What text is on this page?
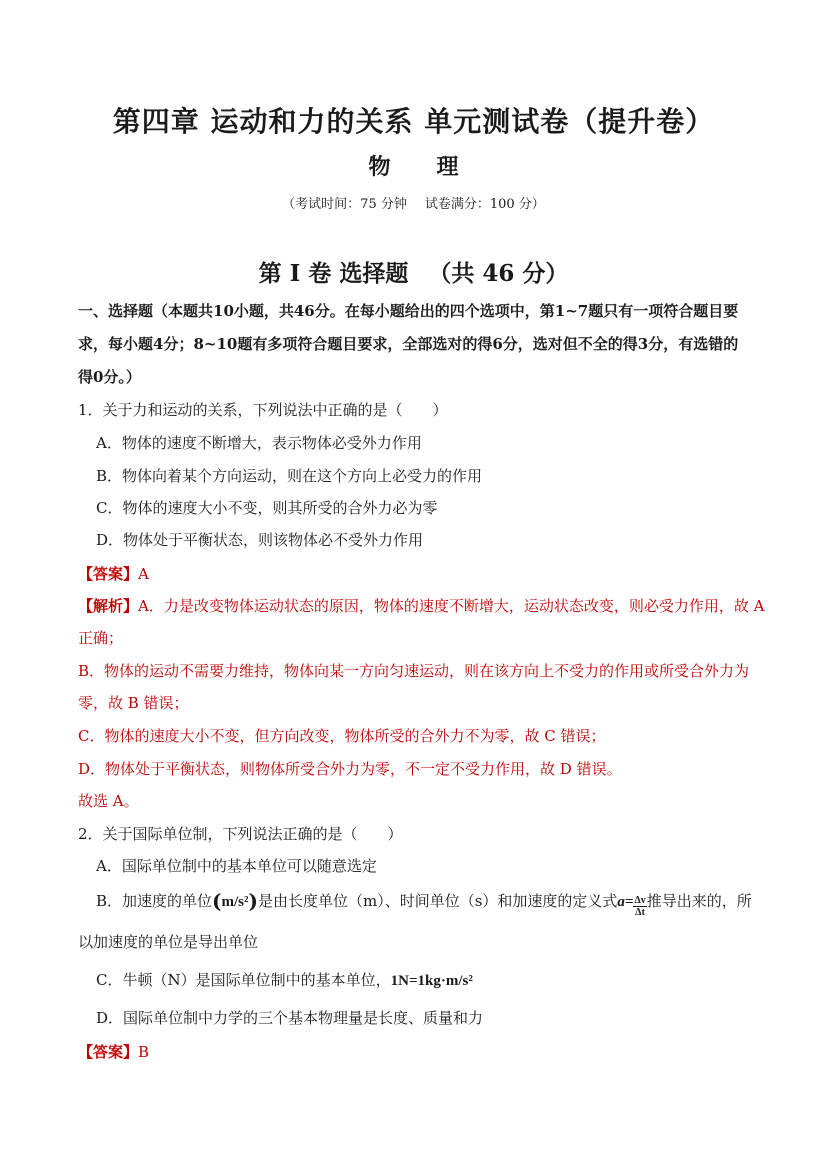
第四章 运动和力的关系 单元测试卷（提升卷）
物 理
（考试时间：75 分钟 试卷满分：100 分）
第 Ⅰ 卷 选择题 （共 46 分）
一、选择题（本题共10小题，共46分。在每小题给出的四个选项中，第1~7题只有一项符合题目要
求，每小题4分；8~10题有多项符合题目要求，全部选对的得6分，选对但不全的得3分，有选错的
得0分。）
1．关于力和运动的关系，下列说法中正确的是（　　）
A．物体的速度不断增大，表示物体必受外力作用
B．物体向着某个方向运动，则在这个方向上必受力的作用
C．物体的速度大小不变，则其所受的合外力必为零
D．物体处于平衡状态，则该物体必不受外力作用
【答案】A
【解析】A．力是改变物体运动状态的原因，物体的速度不断增大，运动状态改变，则必受力作用，故 A
正确；
B．物体的运动不需要力维持，物体向某一方向匀速运动，则在该方向上不受力的作用或所受合外力为
零，故 B 错误；
C．物体的速度大小不变，但方向改变，物体所受的合外力不为零，故 C 错误；
D．物体处于平衡状态，则物体所受合外力为零，不一定不受力作用，故 D 错误。
故选 A。
2．关于国际单位制，下列说法正确的是（　　）
A．国际单位制中的基本单位可以随意选定
B．加速度的单位(m/s²)是由长度单位（m）、时间单位（s）和加速度的定义式$a= \frac{\Delta v}{\Delta t}$ 推导出来的，所
以加速度的单位是导出单位
C．牛顿（N）是国际单位制中的基本单位，1N=1kg·m/s²
D．国际单位制中力学的三个基本物理量是长度、质量和力
【答案】B
